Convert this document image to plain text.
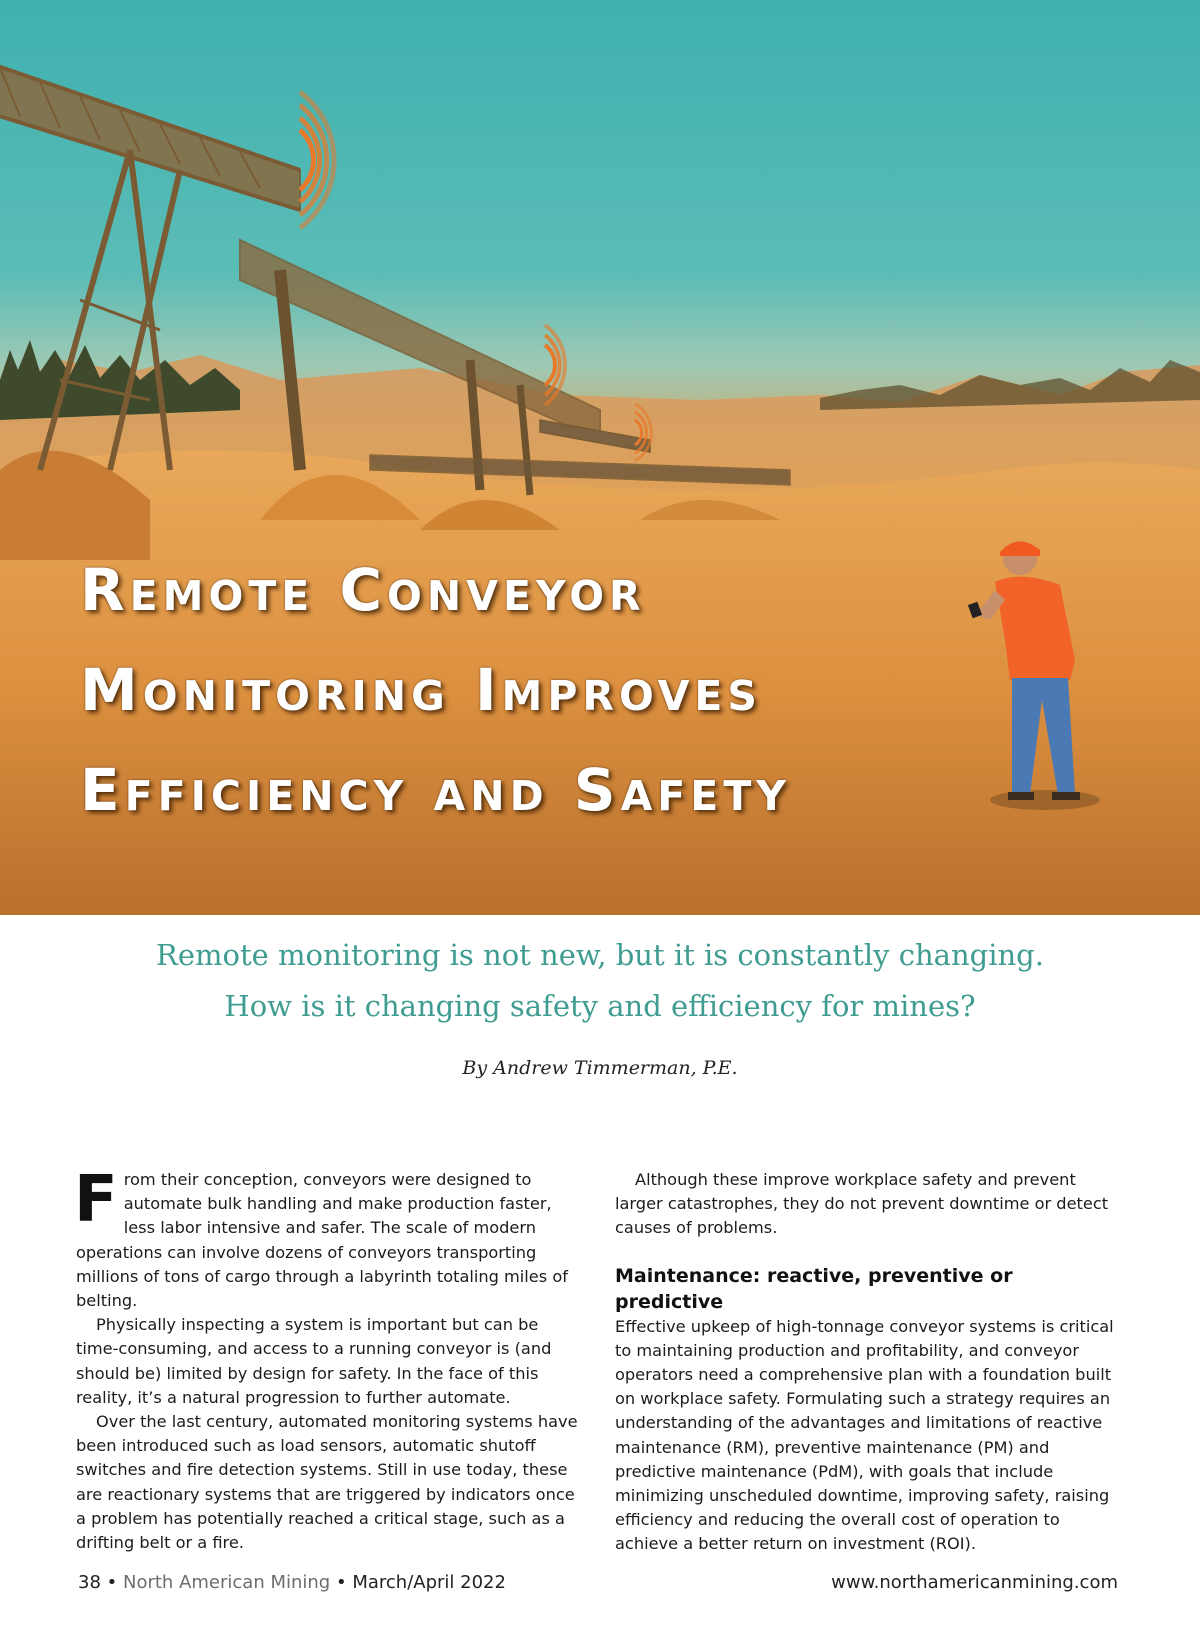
Remote Conveyor
Monitoring Improves
Efficiency and Safety
Remote monitoring is not new, but it is constantly changing.
How is it changing safety and efficiency for mines?
By Andrew Timmerman, P.E.

From their conception, conveyors were designed to automate bulk handling and make production faster, less labor intensive and safer. The scale of modern operations can involve dozens of conveyors transporting millions of tons of cargo through a labyrinth totaling miles of belting.

Physically inspecting a system is important but can be time-consuming, and access to a running conveyor is (and should be) limited by design for safety. In the face of this reality, it’s a natural progression to further automate.

Over the last century, automated monitoring systems have been introduced such as load sensors, automatic shutoff switches and fire detection systems. Still in use today, these are reactionary systems that are triggered by indicators once a problem has potentially reached a critical stage, such as a drifting belt or a fire.

Although these improve workplace safety and prevent larger catastrophes, they do not prevent downtime or detect causes of problems.

Maintenance: reactive, preventive or predictive

Effective upkeep of high-tonnage conveyor systems is critical to maintaining production and profitability, and conveyor operators need a comprehensive plan with a foundation built on workplace safety. Formulating such a strategy requires an understanding of the advantages and limitations of reactive maintenance (RM), preventive maintenance (PM) and predictive maintenance (PdM), with goals that include minimizing unscheduled downtime, improving safety, raising efficiency and reducing the overall cost of operation to achieve a better return on investment (ROI).

38 • North American Mining • March/April 2022	www.northamericanmining.com
